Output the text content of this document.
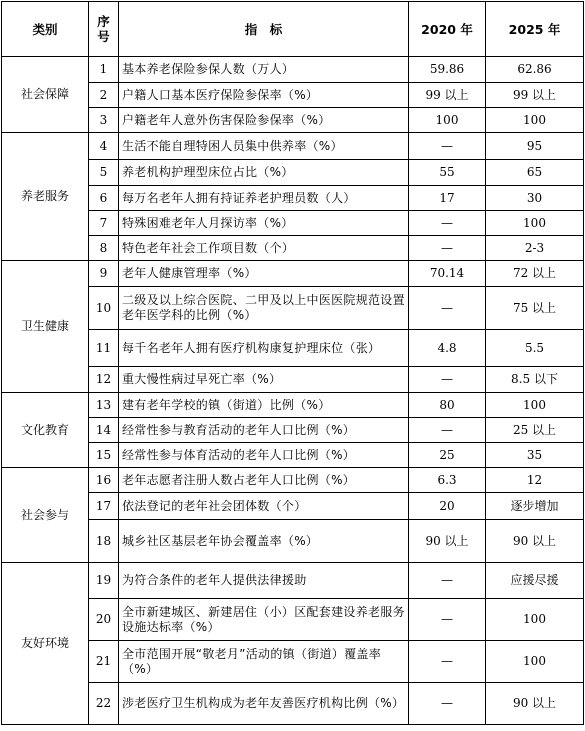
类别	序号	指　标	2020 年	2025 年
社会保障	1	基本养老保险参保人数（万人）	59.86	62.86
	2	户籍人口基本医疗保险参保率（%）	99 以上	99 以上
	3	户籍老年人意外伤害保险参保率（%）	100	100
养老服务	4	生活不能自理特困人员集中供养率（%）	—	95
	5	养老机构护理型床位占比（%）	55	65
	6	每万名老年人拥有持证养老护理员数（人）	17	30
	7	特殊困难老年人月探访率（%）	—	100
	8	特色老年社会工作项目数（个）	—	2-3
卫生健康	9	老年人健康管理率（%）	70.14	72 以上
	10	二级及以上综合医院、二甲及以上中医医院规范设置老年医学科的比例（%）	—	75 以上
	11	每千名老年人拥有医疗机构康复护理床位（张）	4.8	5.5
	12	重大慢性病过早死亡率（%）	—	8.5 以下
文化教育	13	建有老年学校的镇（街道）比例（%）	80	100
	14	经常性参与教育活动的老年人口比例（%）	—	25 以上
	15	经常性参与体育活动的老年人口比例（%）	25	35
社会参与	16	老年志愿者注册人数占老年人口比例（%）	6.3	12
	17	依法登记的老年社会团体数（个）	20	逐步增加
	18	城乡社区基层老年协会覆盖率（%）	90 以上	90 以上
友好环境	19	为符合条件的老年人提供法律援助	—	应援尽援
	20	全市新建城区、新建居住（小）区配套建设养老服务设施达标率（%）	—	100
	21	全市范围开展“敬老月”活动的镇（街道）覆盖率（%）	—	100
	22	涉老医疗卫生机构成为老年友善医疗机构比例（%）	—	90 以上
